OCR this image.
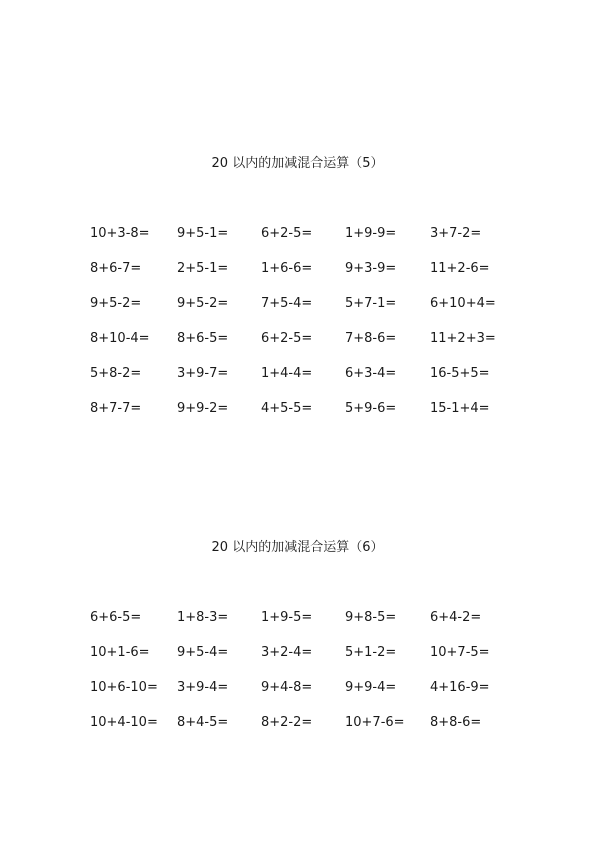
20 以内的加减混合运算（5）
10+3-8= 9+5-1=	6+2-5=	1+9-9=	3+7-2=
8+6-7=	2+5-1=	1+6-6=	9+3-9=	11+2-6=
9+5-2=	9+5-2=	7+5-4=	5+7-1=	6+10+4=
8+10-4= 8+6-5=	6+2-5=	7+8-6=	11+2+3=
5+8-2=	3+9-7=	1+4-4=	6+3-4=	16-5+5=
8+7-7=	9+9-2=	4+5-5=	5+9-6=	15-1+4=
20 以内的加减混合运算（6）
6+6-5=	1+8-3=	1+9-5=	9+8-5=	6+4-2=
10+1-6= 9+5-4=	3+2-4=	5+1-2=	10+7-5=
10+6-10= 3+9-4=	9+4-8=	9+9-4=	4+16-9=
10+4-10= 8+4-5=	8+2-2=	10+7-6= 8+8-6=
